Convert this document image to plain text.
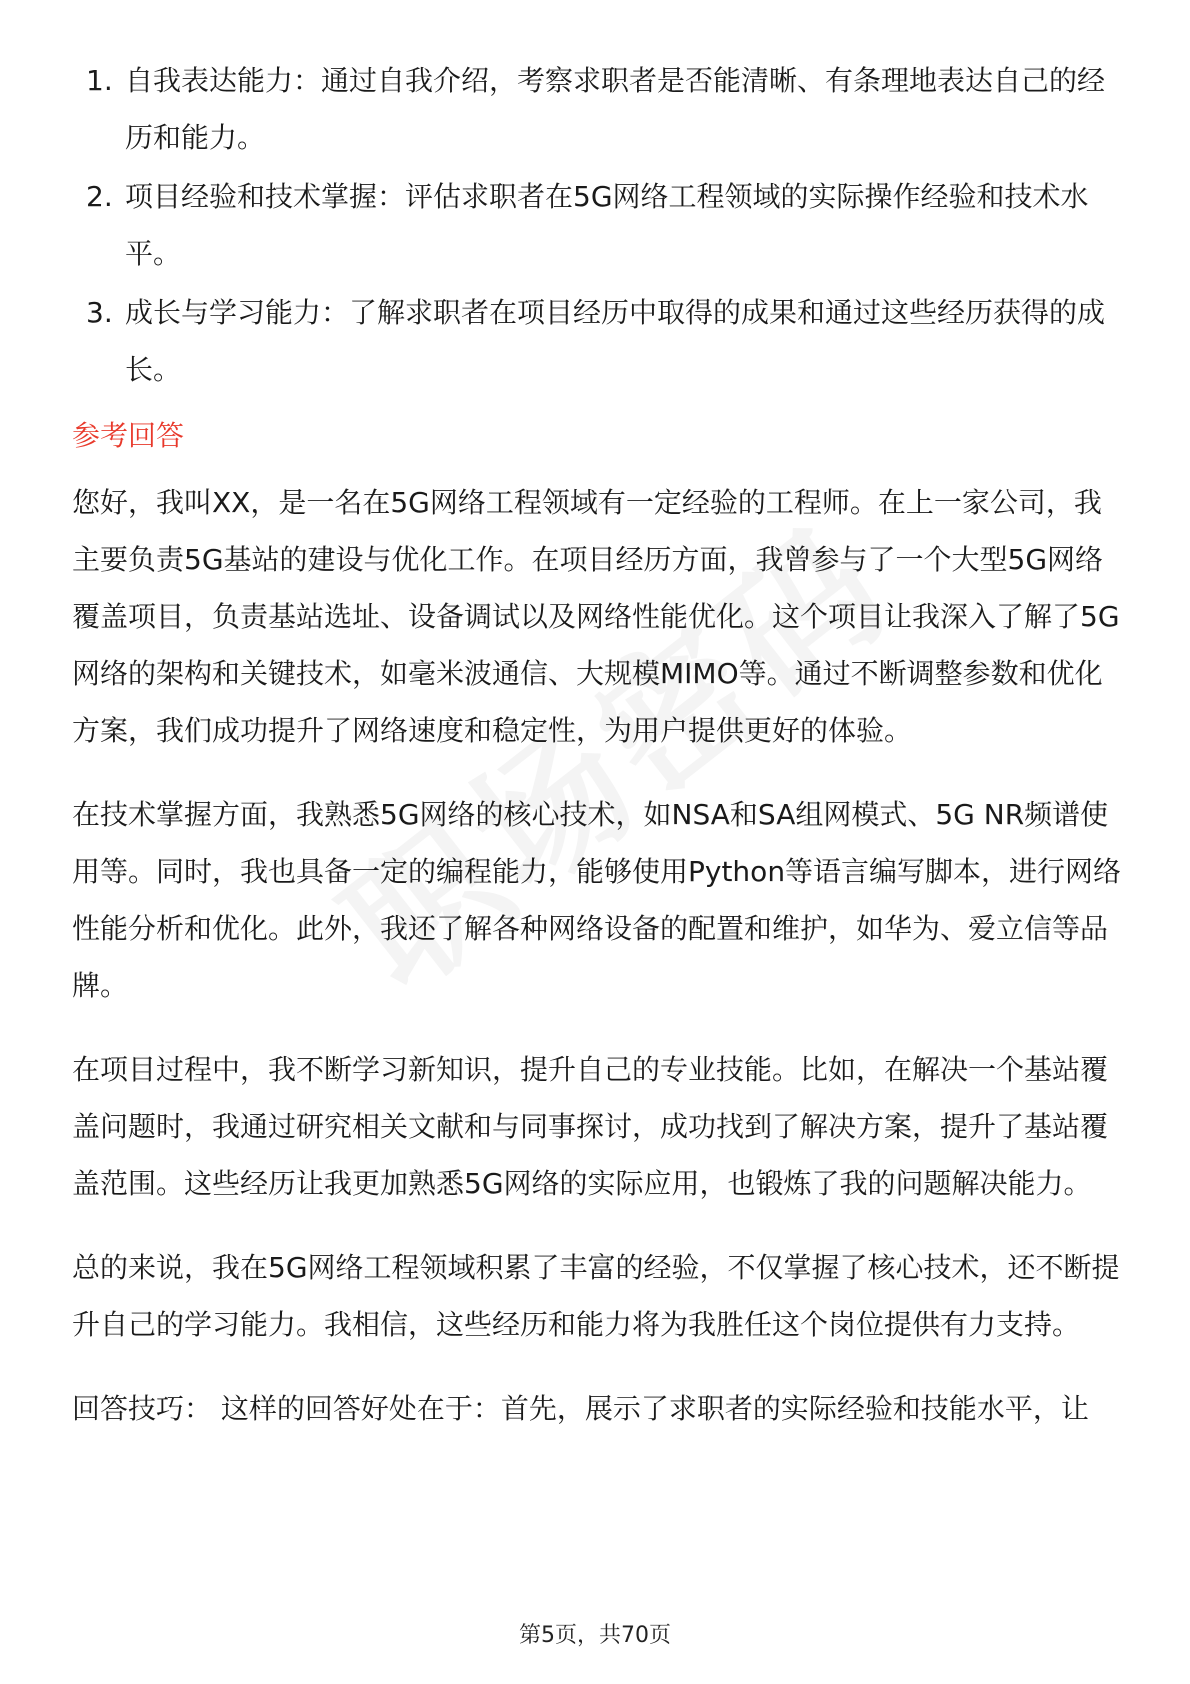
1. 自我表达能力：通过自我介绍，考察求职者是否能清晰、有条理地表达自己的经历和能力。
2. 项目经验和技术掌握：评估求职者在5G网络工程领域的实际操作经验和技术水平。
3. 成长与学习能力：了解求职者在项目经历中取得的成果和通过这些经历获得的成长。
参考回答

您好，我叫XX，是一名在5G网络工程领域有一定经验的工程师。在上一家公司，我主要负责5G基站的建设与优化工作。在项目经历方面，我曾参与了一个大型5G网络覆盖项目，负责基站选址、设备调试以及网络性能优化。这个项目让我深入了解了5G网络的架构和关键技术，如毫米波通信、大规模MIMO等。通过不断调整参数和优化方案，我们成功提升了网络速度和稳定性，为用户提供更好的体验。

在技术掌握方面，我熟悉5G网络的核心技术，如NSA和SA组网模式、5G NR频谱使用等。同时，我也具备一定的编程能力，能够使用Python等语言编写脚本，进行网络性能分析和优化。此外，我还了解各种网络设备的配置和维护，如华为、爱立信等品牌。

在项目过程中，我不断学习新知识，提升自己的专业技能。比如，在解决一个基站覆盖问题时，我通过研究相关文献和与同事探讨，成功找到了解决方案，提升了基站覆盖范围。这些经历让我更加熟悉5G网络的实际应用，也锻炼了我的问题解决能力。

总的来说，我在5G网络工程领域积累了丰富的经验，不仅掌握了核心技术，还不断提升自己的学习能力。我相信，这些经历和能力将为我胜任这个岗位提供有力支持。

回答技巧： 这样的回答好处在于：首先，展示了求职者的实际经验和技能水平，让

第5页，共70页
